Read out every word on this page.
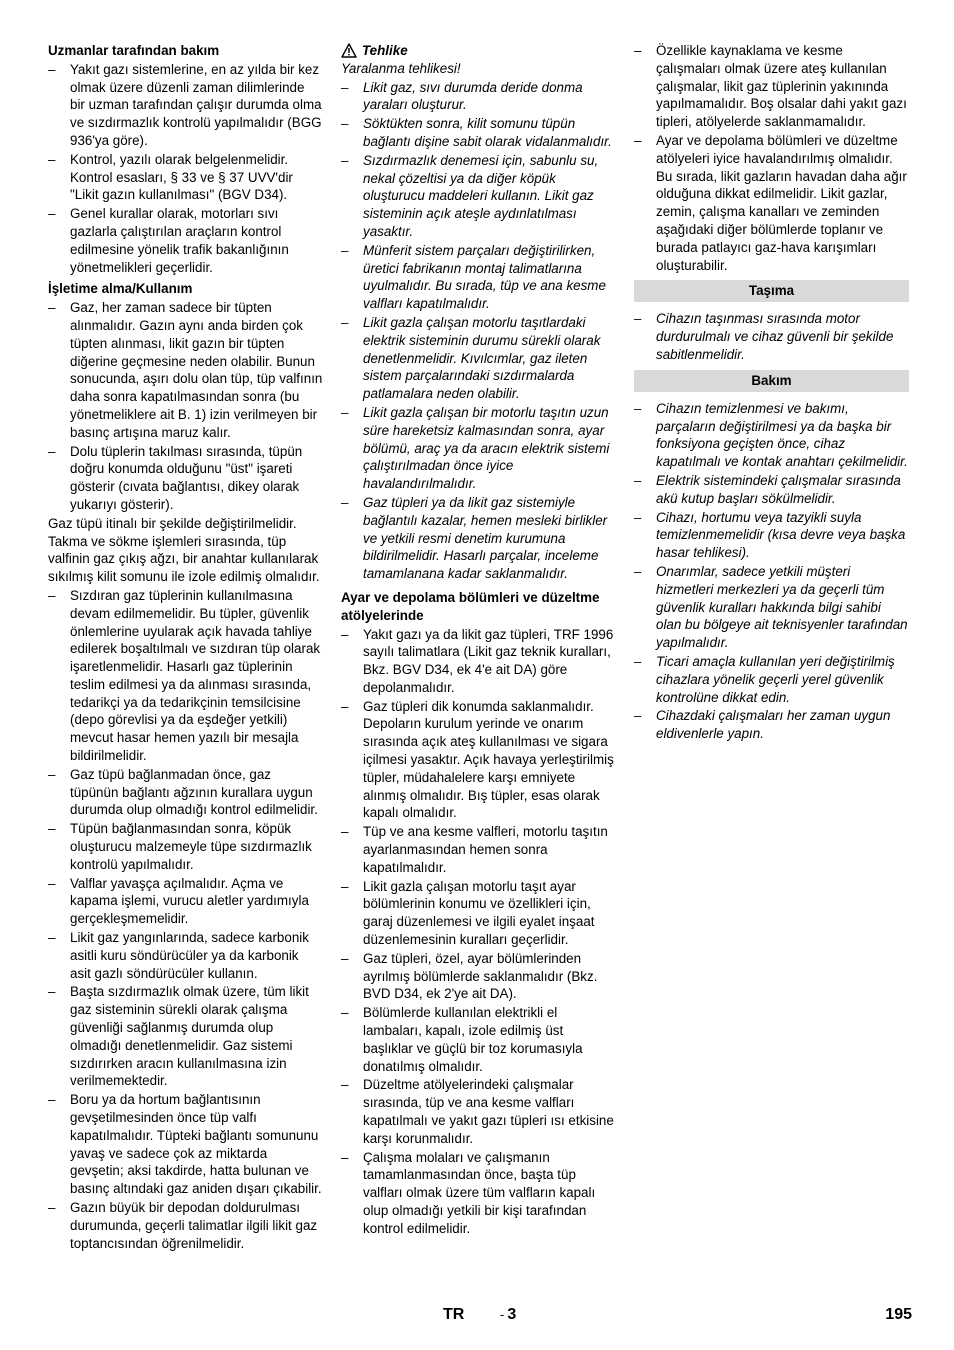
Uzmanlar tarafından bakım

– Yakıt gazı sistemlerine, en az yılda bir kez olmak üzere düzenli zaman dilimlerinde bir uzman tarafından çalışır durumda olma ve sızdırmazlık kontrolü yapılmalıdır (BGG 936'ya göre).
– Kontrol, yazılı olarak belgelenmelidir. Kontrol esasları, § 33 ve § 37 UVV'dir "Likit gazın kullanılması" (BGV D34).
– Genel kurallar olarak, motorları sıvı gazlarla çalıştırılan araçların kontrol edilmesine yönelik trafik bakanlığının yönetmelikleri geçerlidir.

İşletime alma/Kullanım

– Gaz, her zaman sadece bir tüpten alınmalıdır. Gazın aynı anda birden çok tüpten alınması, likit gazın bir tüpten diğerine geçmesine neden olabilir. Bunun sonucunda, aşırı dolu olan tüp, tüp valfının daha sonra kapatılmasından sonra (bu yönetmeliklere ait B. 1) izin verilmeyen bir basınç artışına maruz kalır.
– Dolu tüplerin takılması sırasında, tüpün doğru konumda olduğunu "üst" işareti gösterir (cıvata bağlantısı, dikey olarak yukarıyı gösterir).

Gaz tüpü itinalı bir şekilde değiştirilmelidir. Takma ve sökme işlemleri sırasında, tüp valfinin gaz çıkış ağzı, bir anahtar kullanılarak sıkılmış kilit somunu ile izole edilmiş olmalıdır.

– Sızdıran gaz tüplerinin kullanılmasına devam edilmemelidir. Bu tüpler, güvenlik önlemlerine uyularak açık havada tahliye edilerek boşaltılmalı ve sızdıran tüp olarak işaretlenmelidir. Hasarlı gaz tüplerinin teslim edilmesi ya da alınması sırasında, tedarikçi ya da tedarikçinin temsilcisine (depo görevlisi ya da eşdeğer yetkili) mevcut hasar hemen yazılı bir mesajla bildirilmelidir.
– Gaz tüpü bağlanmadan önce, gaz tüpünün bağlantı ağzının kurallara uygun durumda olup olmadığı kontrol edilmelidir.
– Tüpün bağlanmasından sonra, köpük oluşturucu malzemeyle tüpe sızdırmazlık kontrolü yapılmalıdır.
– Valflar yavaşça açılmalıdır. Açma ve kapama işlemi, vurucu aletler yardımıyla gerçekleşmemelidir.
– Likit gaz yangınlarında, sadece karbonik asitli kuru söndürücüler ya da karbonik asit gazlı söndürücüler kullanın.
– Başta sızdırmazlık olmak üzere, tüm likit gaz sisteminin sürekli olarak çalışma güvenliği sağlanmış durumda olup olmadığı denetlenmelidir. Gaz sistemi sızdırırken aracın kullanılmasına izin verilmemektedir.
– Boru ya da hortum bağlantısının gevşetilmesinden önce tüp valfı kapatılmalıdır. Tüpteki bağlantı somununu yavaş ve sadece çok az miktarda gevşetin; aksi takdirde, hatta bulunan ve basınç altındaki gaz aniden dışarı çıkabilir.
– Gazın büyük bir depodan doldurulması durumunda, geçerli talimatlar ilgili likit gaz toptancısından öğrenilmelidir.

Tehlike

Yaralanma tehlikesi!

– Likit gaz, sıvı durumda deride donma yaraları oluşturur.
– Söktükten sonra, kilit somunu tüpün bağlantı dişine sabit olarak vidalanmalıdır.
– Sızdırmazlık denemesi için, sabunlu su, nekal çözeltisi ya da diğer köpük oluşturucu maddeleri kullanın. Likit gaz sisteminin açık ateşle aydınlatılması yasaktır.
– Münferit sistem parçaları değiştirilirken, üretici fabrikanın montaj talimatlarına uyulmalıdır. Bu sırada, tüp ve ana kesme valfları kapatılmalıdır.
– Likit gazla çalışan motorlu taşıtlardaki elektrik sisteminin durumu sürekli olarak denetlenmelidir. Kıvılcımlar, gaz ileten sistem parçalarındaki sızdırmalarda patlamalara neden olabilir.
– Likit gazla çalışan bir motorlu taşıtın uzun süre hareketsiz kalmasından sonra, ayar bölümü, araç ya da aracın elektrik sistemi çalıştırılmadan önce iyice havalandırılmalıdır.
– Gaz tüpleri ya da likit gaz sistemiyle bağlantılı kazalar, hemen mesleki birlikler ve yetkili resmi denetim kurumuna bildirilmelidir. Hasarlı parçalar, inceleme tamamlanana kadar saklanmalıdır.

Ayar ve depolama bölümleri ve düzeltme atölyelerinde

– Yakıt gazı ya da likit gaz tüpleri, TRF 1996 sayılı talimatlara (Likit gaz teknik kuralları, Bkz. BGV D34, ek 4'e ait DA) göre depolanmalıdır.
– Gaz tüpleri dik konumda saklanmalıdır. Depoların kurulum yerinde ve onarım sırasında açık ateş kullanılması ve sigara içilmesi yasaktır. Açık havaya yerleştirilmiş tüpler, müdahalelere karşı emniyete alınmış olmalıdır. Bış tüpler, esas olarak kapalı olmalıdır.
– Tüp ve ana kesme valfleri, motorlu taşıtın ayarlanmasından hemen sonra kapatılmalıdır.
– Likit gazla çalışan motorlu taşıt ayar bölümlerinin konumu ve özellikleri için, garaj düzenlemesi ve ilgili eyalet inşaat düzenlemesinin kuralları geçerlidir.
– Gaz tüpleri, özel, ayar bölümlerinden ayrılmış bölümlerde saklanmalıdır (Bkz. BVD D34, ek 2'ye ait DA).
– Bölümlerde kullanılan elektrikli el lambaları, kapalı, izole edilmiş üst başlıklar ve güçlü bir toz korumasıyla donatılmış olmalıdır.
– Düzeltme atölyelerindeki çalışmalar sırasında, tüp ve ana kesme valfları kapatılmalı ve yakıt gazı tüpleri ısı etkisine karşı korunmalıdır.
– Çalışma molaları ve çalışmanın tamamlanmasından önce, başta tüp valfları olmak üzere tüm valfların kapalı olup olmadığı yetkili bir kişi tarafından kontrol edilmelidir.
– Özellikle kaynaklama ve kesme çalışmaları olmak üzere ateş kullanılan çalışmalar, likit gaz tüplerinin yakınında yapılmamalıdır. Boş olsalar dahi yakıt gazı tipleri, atölyelerde saklanmamalıdır.
– Ayar ve depolama bölümleri ve düzeltme atölyeleri iyice havalandırılmış olmalıdır. Bu sırada, likit gazların havadan daha ağır olduğuna dikkat edilmelidir. Likit gazlar, zemin, çalışma kanalları ve zeminden aşağıdaki diğer bölümlerde toplanır ve burada patlayıcı gaz-hava karışımları oluşturabilir.
Taşıma
– Cihazın taşınması sırasında motor durdurulmalı ve cihaz güvenli bir şekilde sabitlenmelidir.
Bakım
– Cihazın temizlenmesi ve bakımı, parçaların değiştirilmesi ya da başka bir fonksiyona geçişten önce, cihaz kapatılmalı ve kontak anahtarı çekilmelidir.
– Elektrik sistemindeki çalışmalar sırasında akü kutup başları sökülmelidir.
– Cihazı, hortumu veya tazyikli suyla temizlenmemelidir (kısa devre veya başka hasar tehlikesi).
– Onarımlar, sadece yetkili müşteri hizmetleri merkezleri ya da geçerli tüm güvenlik kuralları hakkında bilgi sahibi olan bu bölgeye ait teknisyenler tarafından yapılmalıdır.
– Ticari amaçla kullanılan yeri değiştirilmiş cihazlara yönelik geçerli yerel güvenlik kontrolüne dikkat edin.
– Cihazdaki çalışmaları her zaman uygun eldivenlerle yapın.
TR	- 3	195
